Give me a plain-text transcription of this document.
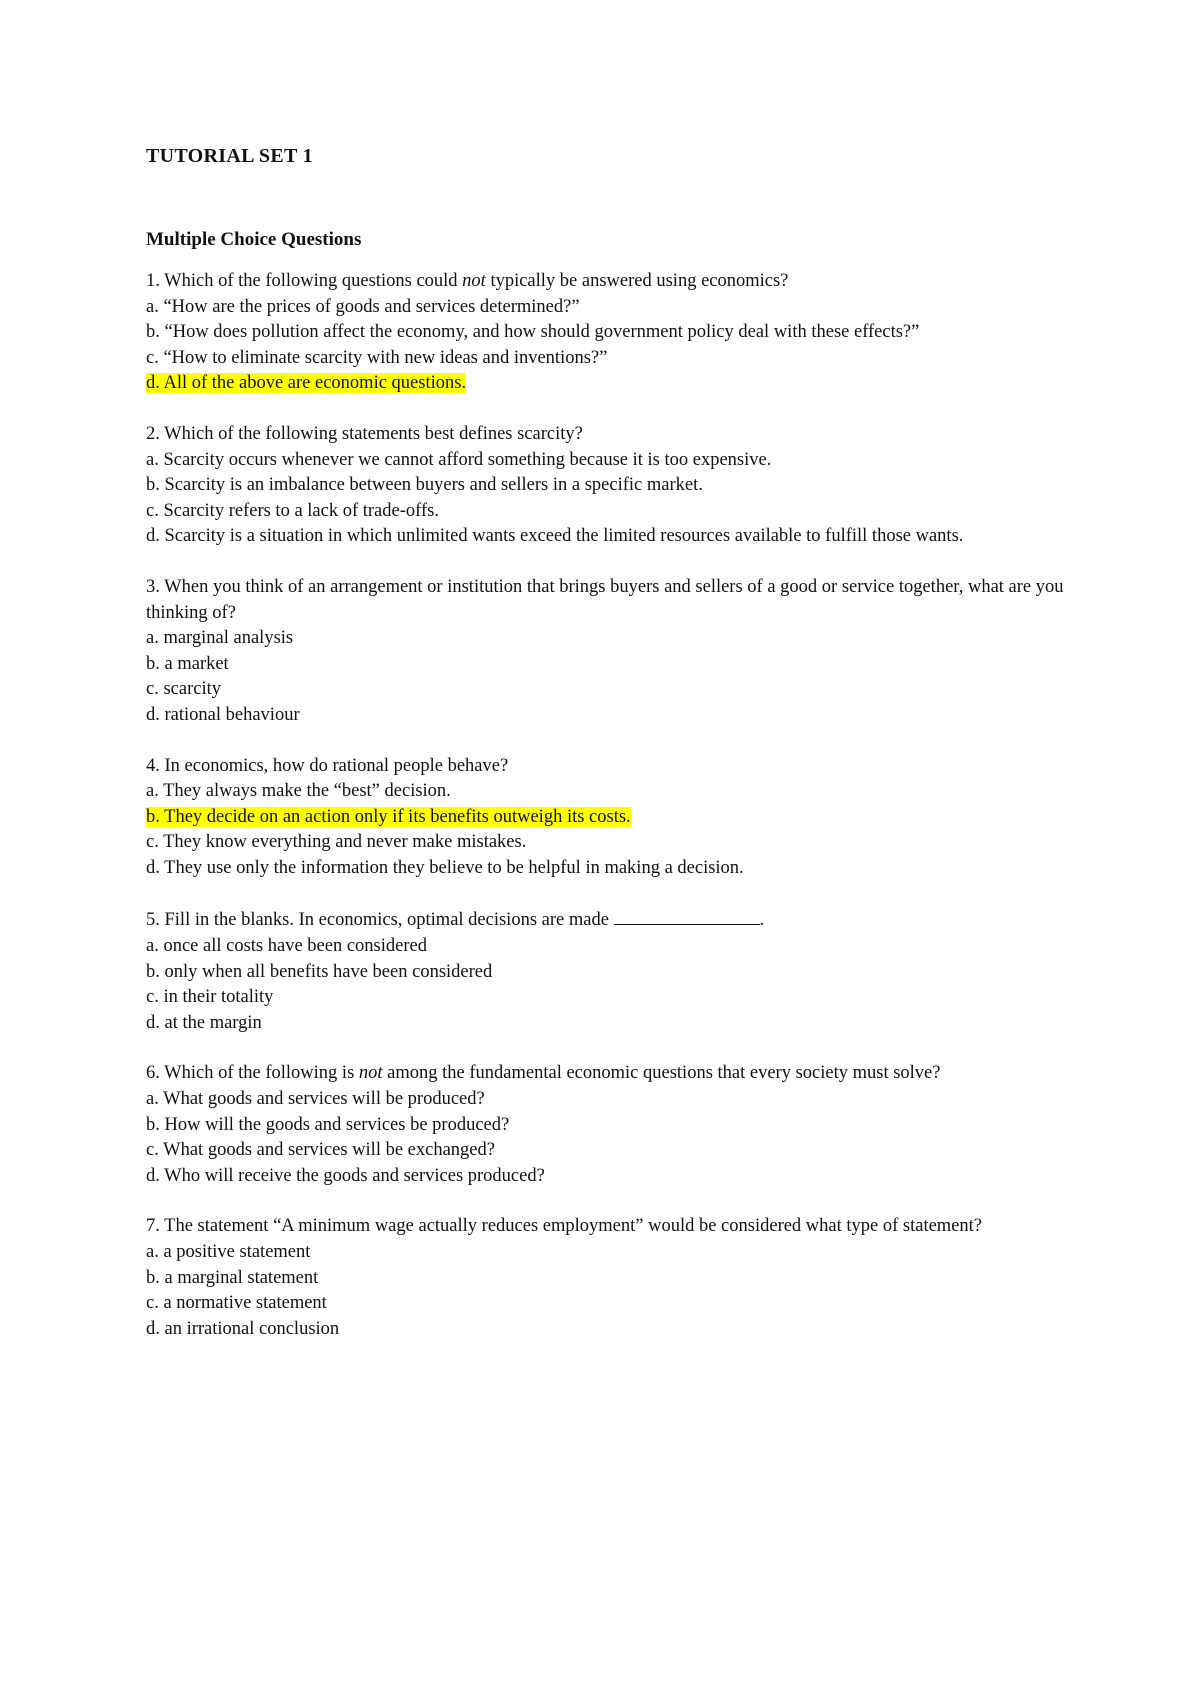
TUTORIAL SET 1

Multiple Choice Questions

1. Which of the following questions could not typically be answered using economics?
a. “How are the prices of goods and services determined?”
b. “How does pollution affect the economy, and how should government policy deal with these effects?”
c. “How to eliminate scarcity with new ideas and inventions?”
d. All of the above are economic questions.
2. Which of the following statements best defines scarcity?
a. Scarcity occurs whenever we cannot afford something because it is too expensive.
b. Scarcity is an imbalance between buyers and sellers in a specific market.
c. Scarcity refers to a lack of trade-offs.
d. Scarcity is a situation in which unlimited wants exceed the limited resources available to fulfill those wants.
3. When you think of an arrangement or institution that brings buyers and sellers of a good or service together, what are you thinking of?
a. marginal analysis
b. a market
c. scarcity
d. rational behaviour
4. In economics, how do rational people behave?
a. They always make the “best” decision.
b. They decide on an action only if its benefits outweigh its costs.
c. They know everything and never make mistakes.
d. They use only the information they believe to be helpful in making a decision.
5. Fill in the blanks. In economics, optimal decisions are made	.
a. once all costs have been considered
b. only when all benefits have been considered
c. in their totality
d. at the margin
6. Which of the following is not among the fundamental economic questions that every society must solve?
a. What goods and services will be produced?
b. How will the goods and services be produced?
c. What goods and services will be exchanged?
d. Who will receive the goods and services produced?
7. The statement “A minimum wage actually reduces employment” would be considered what type of statement?
a. a positive statement
b. a marginal statement
c. a normative statement
d. an irrational conclusion
